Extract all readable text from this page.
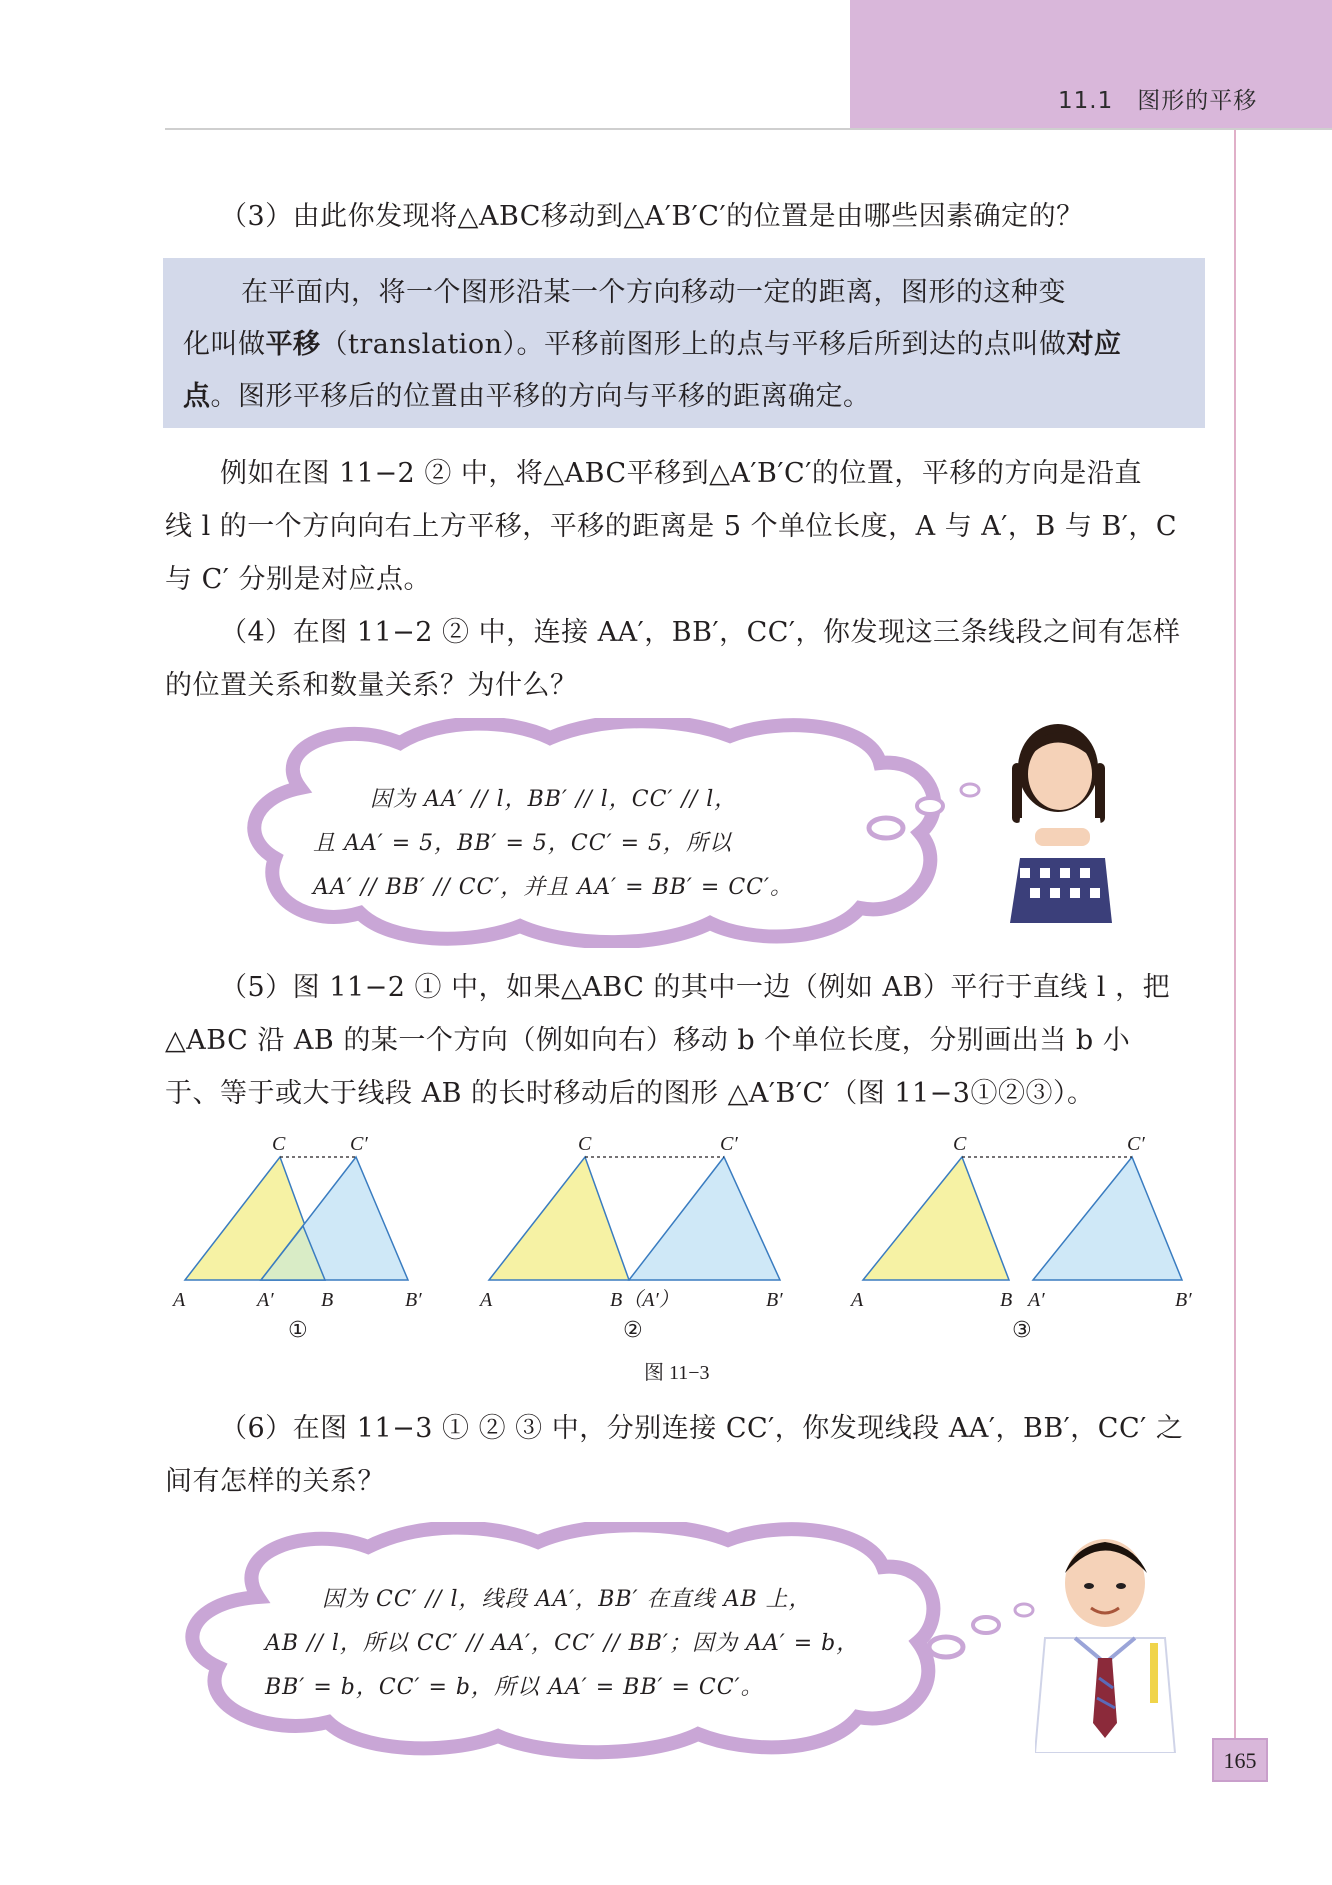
11.1　图形的平移
（3）由此你发现将△ABC移动到△A′B′C′的位置是由哪些因素确定的？
在平面内，将一个图形沿某一个方向移动一定的距离，图形的这种变
化叫做平移（translation）。平移前图形上的点与平移后所到达的点叫做对应
点。图形平移后的位置由平移的方向与平移的距离确定。
例如在图 11−2 ② 中，将△ABC平移到△A′B′C′的位置，平移的方向是沿直
线 l 的一个方向向右上方平移，平移的距离是 5 个单位长度，A 与 A′，B 与 B′，C
与 C′ 分别是对应点。
（4）在图 11−2 ② 中，连接 AA′，BB′，CC′，你发现这三条线段之间有怎样
的位置关系和数量关系？为什么？
因为 AA′ // l，BB′ // l，CC′ // l，
且 AA′ = 5，BB′ = 5，CC′ = 5，所以
AA′ // BB′ // CC′，并且 AA′ = BB′ = CC′。
（5）图 11−2 ① 中，如果△ABC 的其中一边（例如 AB）平行于直线 l ，把
△ABC 沿 AB 的某一个方向（例如向右）移动 b 个单位长度，分别画出当 b 小
于、等于或大于线段 AB 的长时移动后的图形 △A′B′C′（图 11−3①②③）。
C	C′
A	A′ B	B′
①
C	C′
A	B（A′）	B′
②
C	C′
A	B A′	B′
③
图 11−3
（6）在图 11−3 ① ② ③ 中，分别连接 CC′，你发现线段 AA′，BB′，CC′ 之
间有怎样的关系？
因为 CC′ // l，线段 AA′，BB′ 在直线 AB 上，
AB // l，所以 CC′ // AA′，CC′ // BB′；因为 AA′ = b，
BB′ = b，CC′ = b，所以 AA′ = BB′ = CC′。
165
